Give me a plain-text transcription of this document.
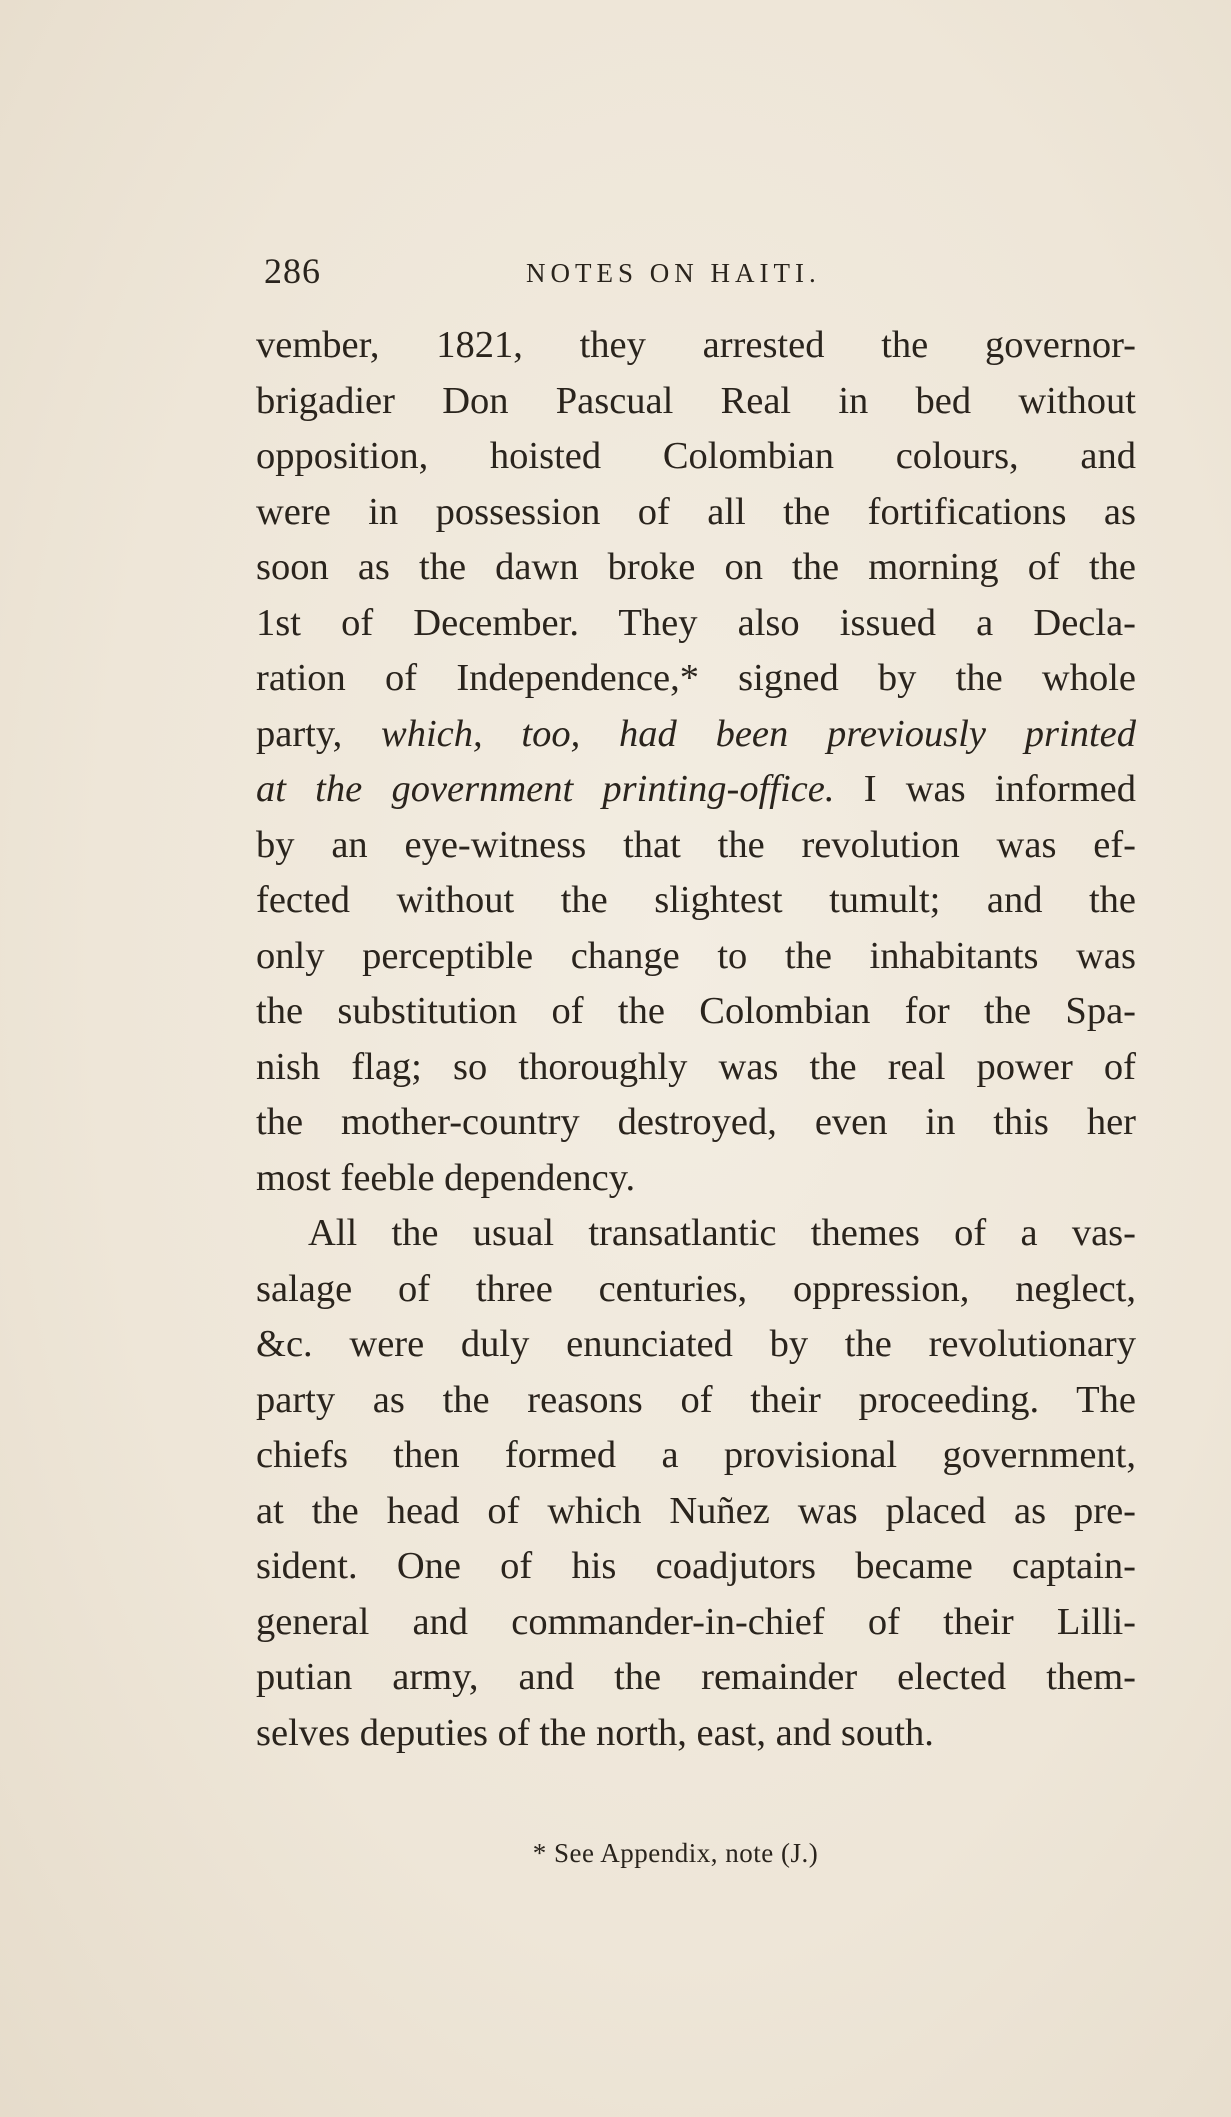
286	NOTES ON HAITI.
vember, 1821, they arrested the governor-
brigadier Don Pascual Real in bed without
opposition, hoisted Colombian colours, and
were in possession of all the fortifications as
soon as the dawn broke on the morning of the
1st of December. They also issued a Decla-
ration of Independence,* signed by the whole
party, which, too, had been previously printed
at the government printing-office. I was informed
by an eye-witness that the revolution was ef-
fected without the slightest tumult; and the
only perceptible change to the inhabitants was
the substitution of the Colombian for the Spa-
nish flag; so thoroughly was the real power of
the mother-country destroyed, even in this her
most feeble dependency.
All the usual transatlantic themes of a vas-
salage of three centuries, oppression, neglect,
&c. were duly enunciated by the revolutionary
party as the reasons of their proceeding. The
chiefs then formed a provisional government,
at the head of which Nuñez was placed as pre-
sident. One of his coadjutors became captain-
general and commander-in-chief of their Lilli-
putian army, and the remainder elected them-
selves deputies of the north, east, and south.
* See Appendix, note (J.)
